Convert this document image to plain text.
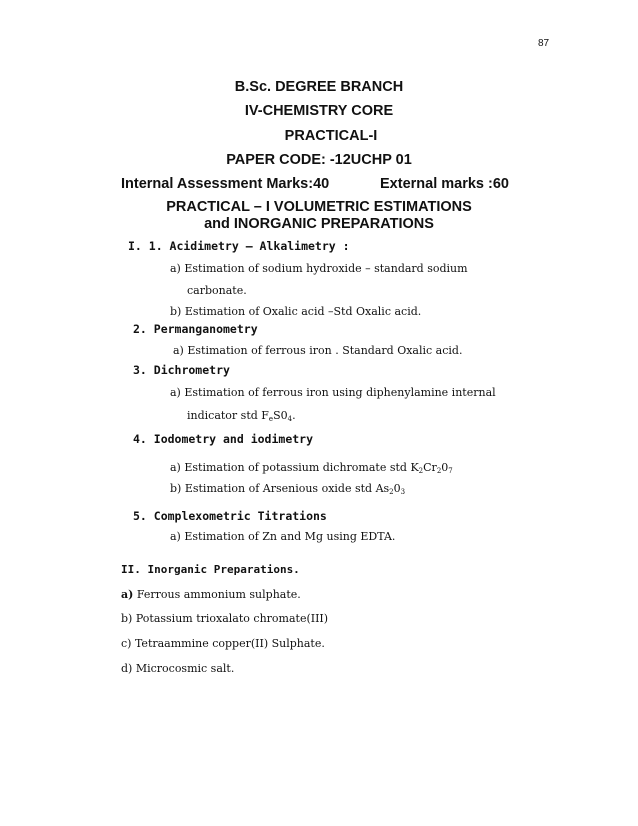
87
B.Sc. DEGREE BRANCH
IV-CHEMISTRY CORE
PRACTICAL-I
PAPER CODE: -12UCHP 01
Internal Assessment Marks:40	External marks :60
PRACTICAL – I VOLUMETRIC ESTIMATIONS
and INORGANIC PREPARATIONS
I. 1. Acidimetry – Alkalimetry :
a) Estimation of sodium hydroxide – standard sodium
carbonate.
b) Estimation of Oxalic acid –Std Oxalic acid.
2. Permanganometry
a) Estimation of ferrous iron . Standard Oxalic acid.
3. Dichrometry
a) Estimation of ferrous iron using diphenylamine internal
indicator std $F_eS0_4$.
4. Iodometry and iodimetry
a) Estimation of potassium dichromate std $K_2Cr_20_7$
b) Estimation of Arsenious oxide std $As_20_3$
5. Complexometric Titrations
a) Estimation of Zn and Mg using EDTA.
II. Inorganic Preparations.
a) Ferrous ammonium sulphate.
b) Potassium trioxalato chromate(III)
c) Tetraammine copper(II) Sulphate.
d) Microcosmic salt.
